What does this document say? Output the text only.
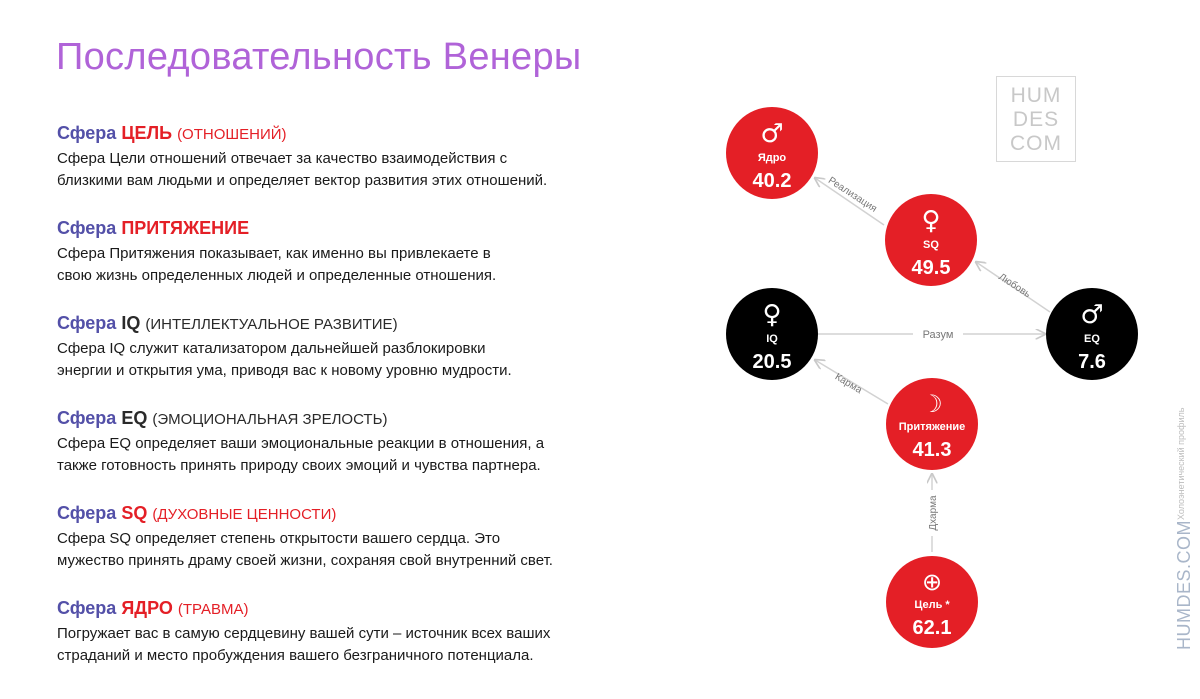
Последовательность Венеры
Сфера ЦЕЛЬ (ОТНОШЕНИЙ)
Сфера Цели отношений отвечает за качество взаимодействия с
близкими вам людьми и определяет вектор развития этих отношений.
Сфера ПРИТЯЖЕНИЕ
Сфера Притяжения показывает, как именно вы привлекаете в
свою жизнь определенных людей и определенные отношения.
Сфера IQ (ИНТЕЛЛЕКТУАЛЬНОЕ РАЗВИТИЕ)
Сфера IQ служит катализатором дальнейшей разблокировки
энергии и открытия ума, приводя вас к новому уровню мудрости.
Сфера EQ (ЭМОЦИОНАЛЬНАЯ ЗРЕЛОСТЬ)
Сфера EQ определяет ваши эмоциональные реакции в отношения, а
также готовность принять природу своих эмоций и чувства партнера.
Сфера SQ (ДУХОВНЫЕ ЦЕННОСТИ)
Сфера SQ определяет степень открытости вашего сердца. Это
мужество принять драму своей жизни, сохраняя свой внутренний свет.
Сфера ЯДРО (ТРАВМА)
Погружает вас в самую сердцевину вашей сути – источник всех ваших
страданий и место пробуждения вашего безграничного потенциала.
HUM
DES
COM
Реализация
Любовь
Разум
Карма
Дхарма
♂
Ядро
40.2
♀
SQ
49.5
♀
IQ
20.5
♂
EQ
7.6
☽
Притяжение
41.3
⊕
Цель *
62.1
Холоэнетический профиль
HUMDES.COM
